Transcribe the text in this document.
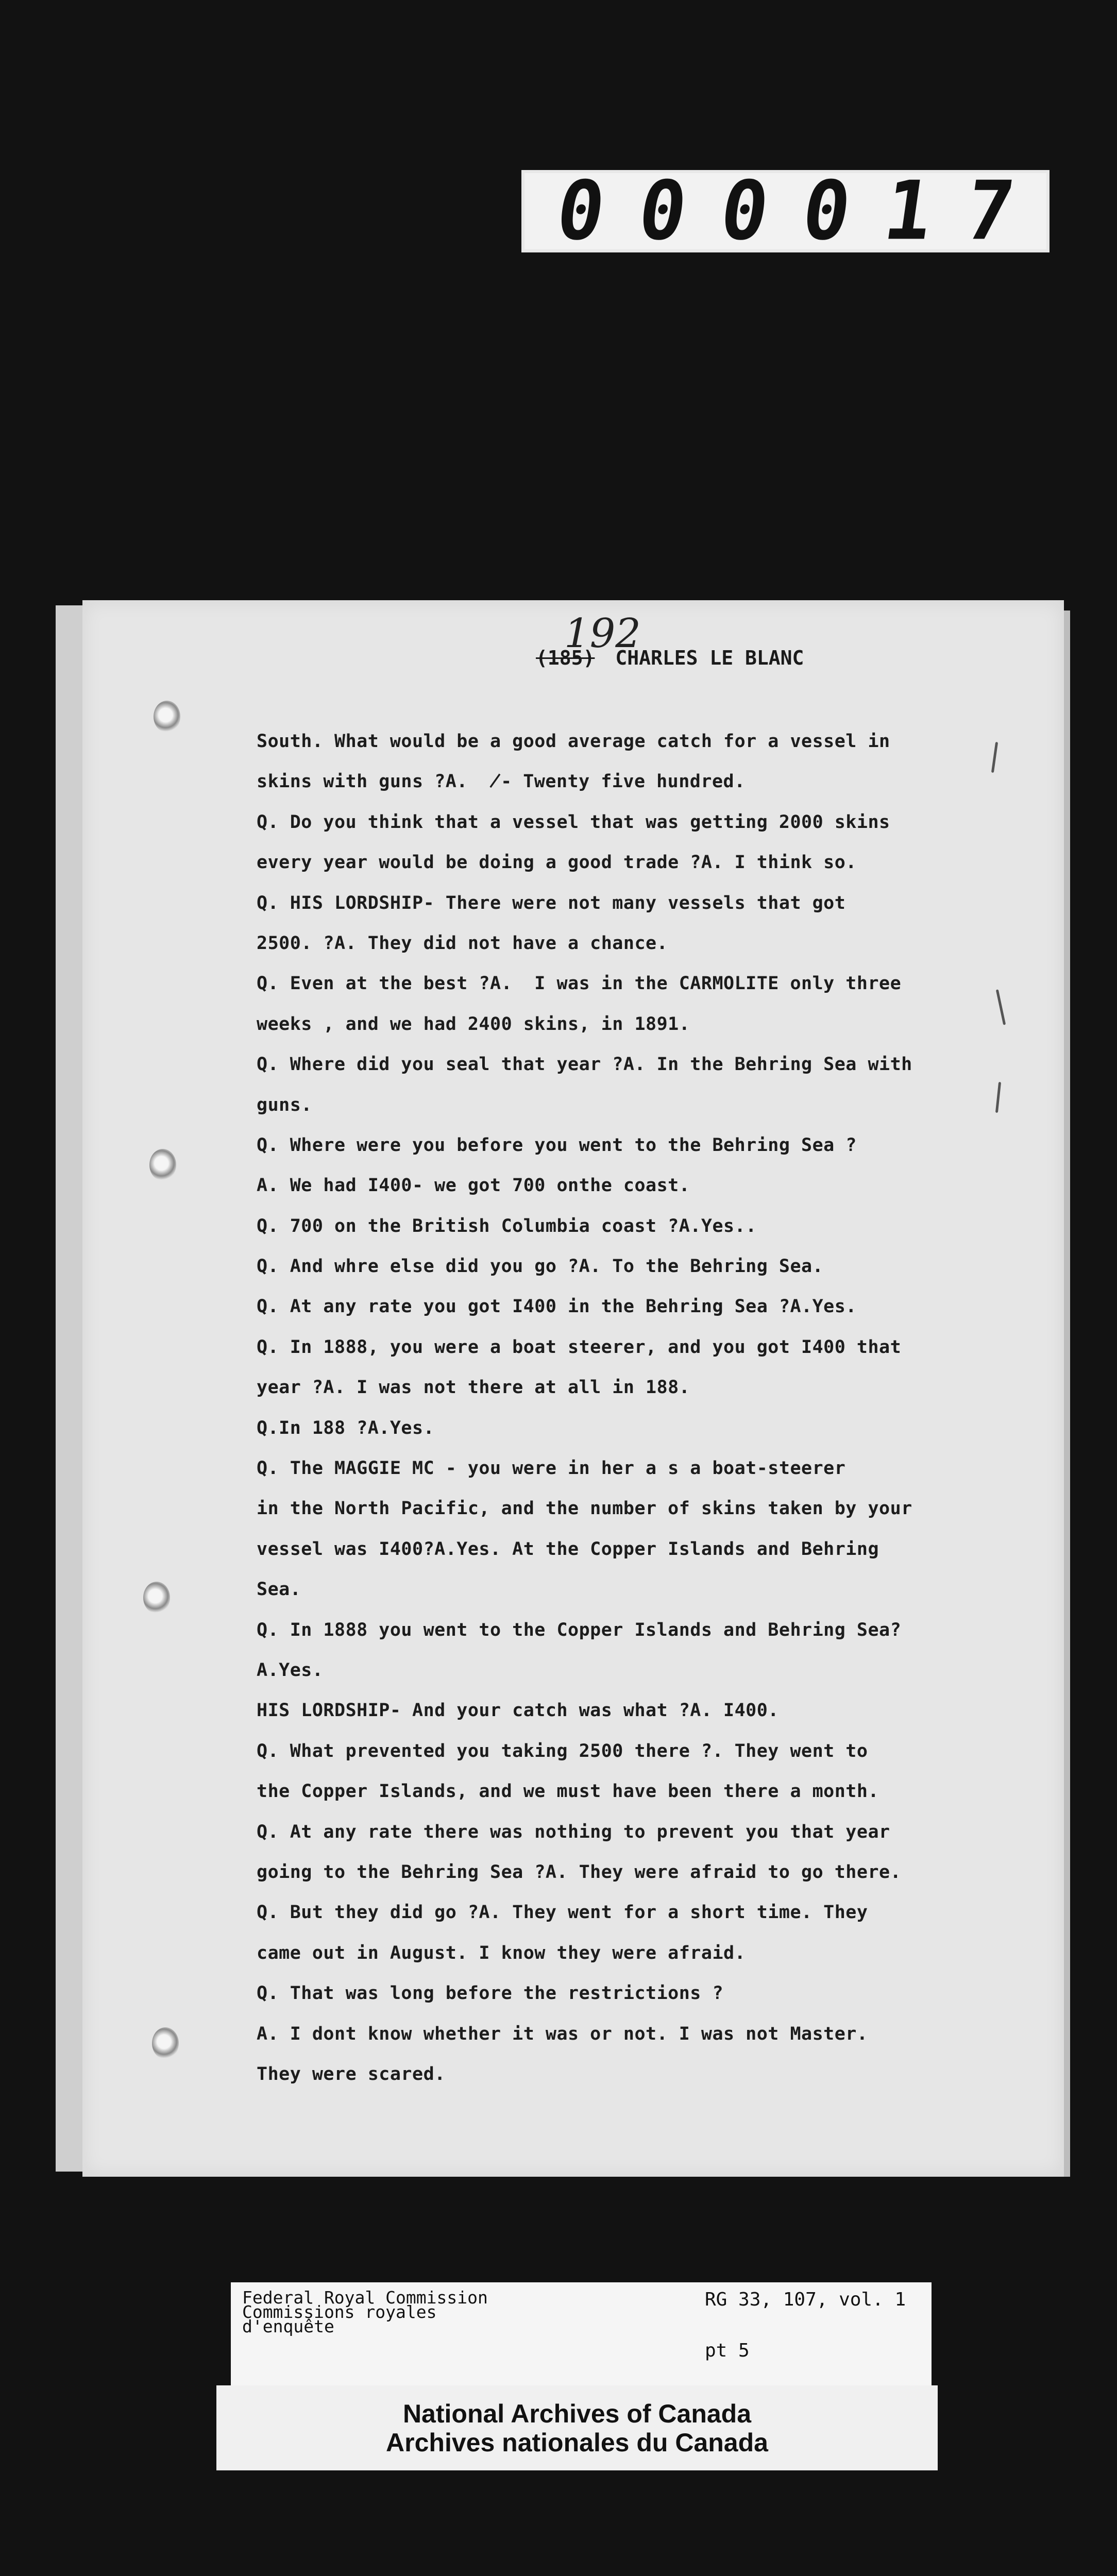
0 0 0 0 1 7
192
(185) CHARLES LE BLANC
South. What would be a good average catch for a vessel in
skins with guns ?A.  ̸- Twenty five hundred.
Q. Do you think that a vessel that was getting 2000 skins
every year would be doing a good trade ?A. I think so.
Q. HIS LORDSHIP- There were not many vessels that got
2500. ?A. They did not have a chance.
Q. Even at the best ?A.  I was in the CARMOLITE only three
weeks , and we had 2400 skins, in 1891.
Q. Where did you seal that year ?A. In the Behring Sea with
guns.
Q. Where were you before you went to the Behring Sea ?
A. We had I400- we got 700 onthe coast.
Q. 700 on the British Columbia coast ?A.Yes..
Q. And whre else did you go ?A. To the Behring Sea.
Q. At any rate you got I400 in the Behring Sea ?A.Yes.
Q. In 1888, you were a boat steerer, and you got I400 that
year ?A. I was not there at all in 188.
Q.In 188 ?A.Yes.
Q. The MAGGIE MC - you were in her a s a boat-steerer
in the North Pacific, and the number of skins taken by your
vessel was I400?A.Yes. At the Copper Islands and Behring
Sea.
Q. In 1888 you went to the Copper Islands and Behring Sea?
A.Yes.
HIS LORDSHIP- And your catch was what ?A. I400.
Q. What prevented you taking 2500 there ?. They went to
the Copper Islands, and we must have been there a month.
Q. At any rate there was nothing to prevent you that year
going to the Behring Sea ?A. They were afraid to go there.
Q. But they did go ?A. They went for a short time. They
came out in August. I know they were afraid.
Q. That was long before the restrictions ?
A. I dont know whether it was or not. I was not Master.
They were scared.
Federal Royal Commission
Commissions royales
d'enquête
RG 33, 107, vol. 1
pt 5
National Archives of Canada
Archives nationales du Canada
